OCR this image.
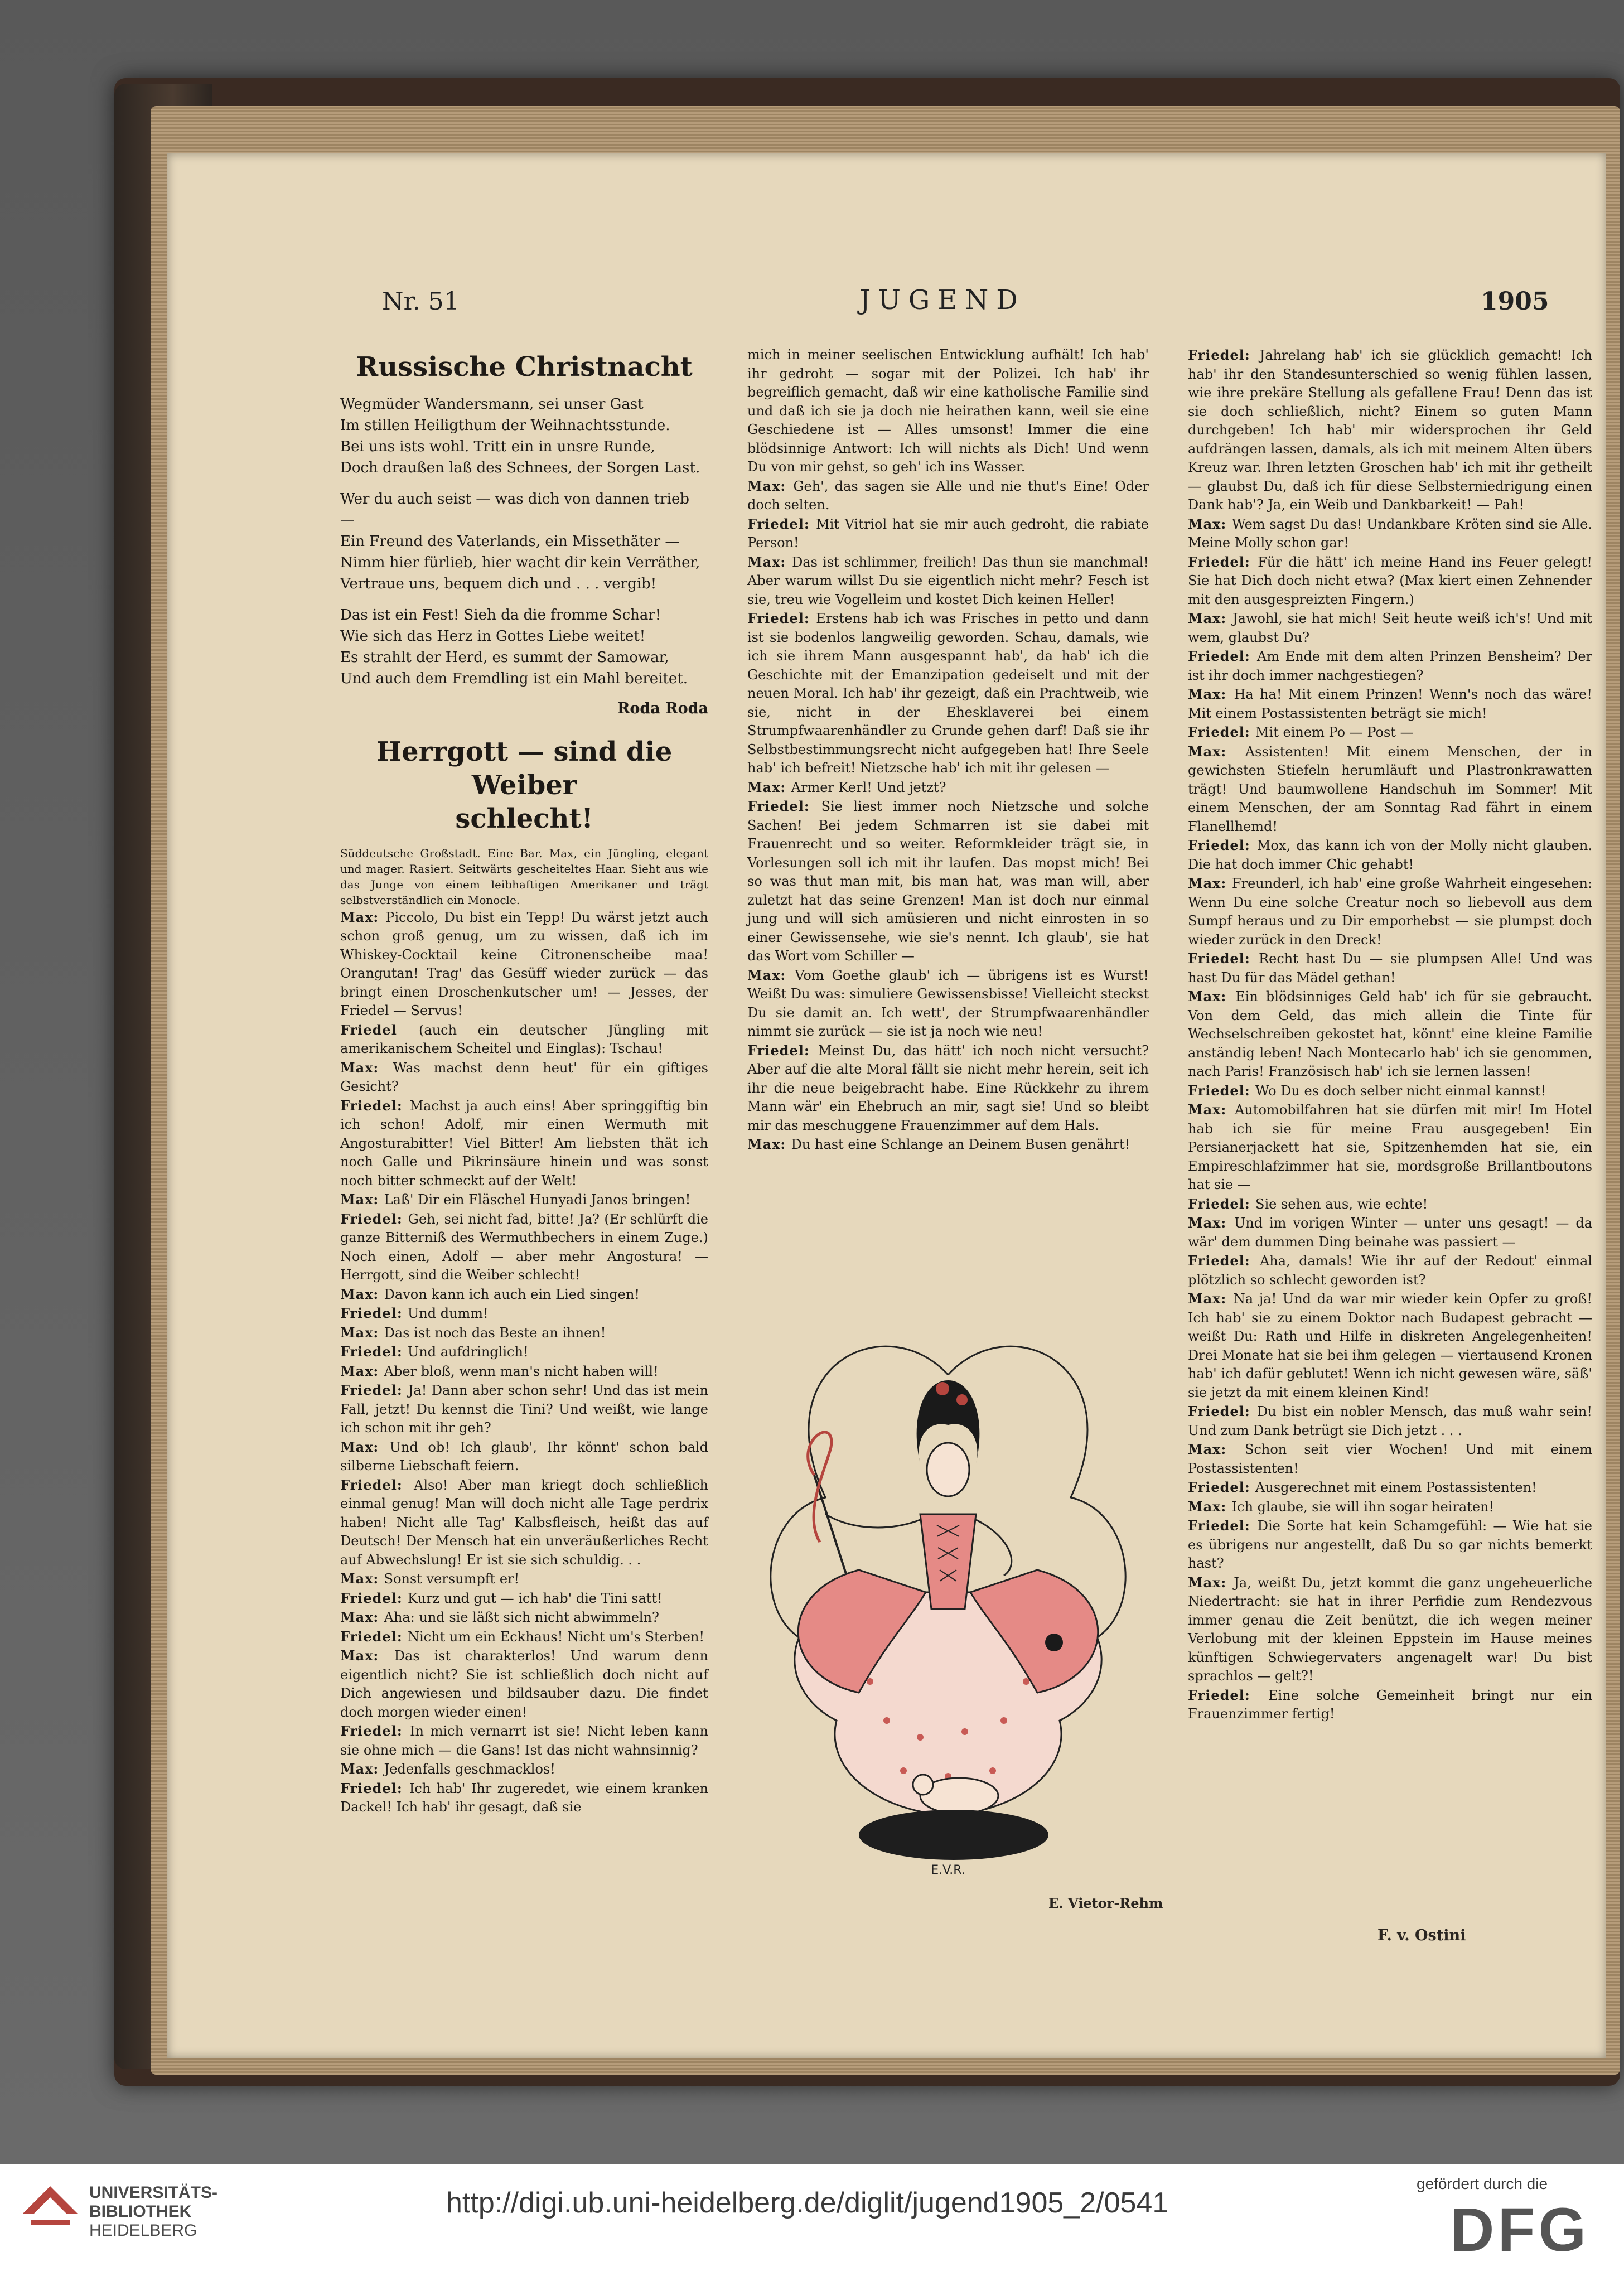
Nr. 51	JUGEND	1905
Russische Christnacht

Wegmüder Wandersmann, sei unser Gast

Im stillen Heiligthum der Weihnachtsstunde.

Bei uns ists wohl. Tritt ein in unsre Runde,

Doch draußen laß des Schnees, der Sorgen Last.

Wer du auch seist — was dich von dannen trieb —

Ein Freund des Vaterlands, ein Missethäter —

Nimm hier fürlieb, hier wacht dir kein Verräther,

Vertraue uns, bequem dich und . . . vergib!

Das ist ein Fest! Sieh da die fromme Schar!

Wie sich das Herz in Gottes Liebe weitet!

Es strahlt der Herd, es summt der Samowar,

Und auch dem Fremdling ist ein Mahl bereitet.

Roda Roda
Herrgott — sind die Weiber
schlecht!

Süddeutsche Großstadt. Eine Bar. Max, ein Jüngling, elegant und mager. Rasiert. Seitwärts gescheiteltes Haar. Sieht aus wie das Junge von einem leibhaftigen Amerikaner und trägt selbstverständlich ein Monocle.

Max: Piccolo, Du bist ein Tepp! Du wärst jetzt auch schon groß genug, um zu wissen, daß ich im Whiskey-Cocktail keine Citronenscheibe maa! Orangutan! Trag' das Gesüff wieder zurück — das bringt einen Droschenkutscher um! — Jesses, der Friedel — Servus!

Friedel (auch ein deutscher Jüngling mit amerikanischem Scheitel und Einglas): Tschau!

Max: Was machst denn heut' für ein giftiges Gesicht?

Friedel: Machst ja auch eins! Aber springgiftig bin ich schon! Adolf, mir einen Wermuth mit Angosturabitter! Viel Bitter! Am liebsten thät ich noch Galle und Pikrinsäure hinein und was sonst noch bitter schmeckt auf der Welt!

Max: Laß' Dir ein Fläschel Hunyadi Janos bringen!

Friedel: Geh, sei nicht fad, bitte! Ja? (Er schlürft die ganze Bitterniß des Wermuthbechers in einem Zuge.) Noch einen, Adolf — aber mehr Angostura! — Herrgott, sind die Weiber schlecht!

Max: Davon kann ich auch ein Lied singen!

Friedel: Und dumm!

Max: Das ist noch das Beste an ihnen!

Friedel: Und aufdringlich!

Max: Aber bloß, wenn man's nicht haben will!

Friedel: Ja! Dann aber schon sehr! Und das ist mein Fall, jetzt! Du kennst die Tini? Und weißt, wie lange ich schon mit ihr geh?

Max: Und ob! Ich glaub', Ihr könnt' schon bald silberne Liebschaft feiern.

Friedel: Also! Aber man kriegt doch schließlich einmal genug! Man will doch nicht alle Tage perdrix haben! Nicht alle Tag' Kalbsfleisch, heißt das auf Deutsch! Der Mensch hat ein unveräußerliches Recht auf Abwechslung! Er ist sie sich schuldig. . .

Max: Sonst versumpft er!

Friedel: Kurz und gut — ich hab' die Tini satt!

Max: Aha: und sie läßt sich nicht abwimmeln?

Friedel: Nicht um ein Eckhaus! Nicht um's Sterben!

Max: Das ist charakterlos! Und warum denn eigentlich nicht? Sie ist schließlich doch nicht auf Dich angewiesen und bildsauber dazu. Die findet doch morgen wieder einen!

Friedel: In mich vernarrt ist sie! Nicht leben kann sie ohne mich — die Gans! Ist das nicht wahnsinnig?

Max: Jedenfalls geschmacklos!

Friedel: Ich hab' Ihr zugeredet, wie einem kranken Dackel! Ich hab' ihr gesagt, daß sie

mich in meiner seelischen Entwicklung aufhält! Ich hab' ihr gedroht — sogar mit der Polizei. Ich hab' ihr begreiflich gemacht, daß wir eine katholische Familie sind und daß ich sie ja doch nie heirathen kann, weil sie eine Geschiedene ist — Alles umsonst! Immer die eine blödsinnige Antwort: Ich will nichts als Dich! Und wenn Du von mir gehst, so geh' ich ins Wasser.

Max: Geh', das sagen sie Alle und nie thut's Eine! Oder doch selten.

Friedel: Mit Vitriol hat sie mir auch gedroht, die rabiate Person!

Max: Das ist schlimmer, freilich! Das thun sie manchmal! Aber warum willst Du sie eigentlich nicht mehr? Fesch ist sie, treu wie Vogelleim und kostet Dich keinen Heller!

Friedel: Erstens hab ich was Frisches in petto und dann ist sie bodenlos langweilig geworden. Schau, damals, wie ich sie ihrem Mann ausgespannt hab', da hab' ich die Geschichte mit der Emanzipation gedeiselt und mit der neuen Moral. Ich hab' ihr gezeigt, daß ein Prachtweib, wie sie, nicht in der Ehesklaverei bei einem Strumpfwaarenhändler zu Grunde gehen darf! Daß sie ihr Selbstbestimmungsrecht nicht aufgegeben hat! Ihre Seele hab' ich befreit! Nietzsche hab' ich mit ihr gelesen —

Max: Armer Kerl! Und jetzt?

Friedel: Sie liest immer noch Nietzsche und solche Sachen! Bei jedem Schmarren ist sie dabei mit Frauenrecht und so weiter. Reformkleider trägt sie, in Vorlesungen soll ich mit ihr laufen. Das mopst mich! Bei so was thut man mit, bis man hat, was man will, aber zuletzt hat das seine Grenzen! Man ist doch nur einmal jung und will sich amüsieren und nicht einrosten in so einer Gewissensehe, wie sie's nennt. Ich glaub', sie hat das Wort vom Schiller —

Max: Vom Goethe glaub' ich — übrigens ist es Wurst! Weißt Du was: simuliere Gewissensbisse! Vielleicht steckst Du sie damit an. Ich wett', der Strumpfwaarenhändler nimmt sie zurück — sie ist ja noch wie neu!

Friedel: Meinst Du, das hätt' ich noch nicht versucht? Aber auf die alte Moral fällt sie nicht mehr herein, seit ich ihr die neue beigebracht habe. Eine Rückkehr zu ihrem Mann wär' ein Ehebruch an mir, sagt sie! Und so bleibt mir das meschuggene Frauenzimmer auf dem Hals.

Max: Du hast eine Schlange an Deinem Busen genährt!

Friedel: Jahrelang hab' ich sie glücklich gemacht! Ich hab' ihr den Standesunterschied so wenig fühlen lassen, wie ihre prekäre Stellung als gefallene Frau! Denn das ist sie doch schließlich, nicht? Einem so guten Mann durchgeben! Ich hab' mir widersprochen ihr Geld aufdrängen lassen, damals, als ich mit meinem Alten übers Kreuz war. Ihren letzten Groschen hab' ich mit ihr getheilt — glaubst Du, daß ich für diese Selbsterniedrigung einen Dank hab'? Ja, ein Weib und Dankbarkeit! — Pah!

Max: Wem sagst Du das! Undankbare Kröten sind sie Alle. Meine Molly schon gar!

Friedel: Für die hätt' ich meine Hand ins Feuer gelegt! Sie hat Dich doch nicht etwa? (Max kiert einen Zehnender mit den ausgespreizten Fingern.)

Max: Jawohl, sie hat mich! Seit heute weiß ich's! Und mit wem, glaubst Du?

Friedel: Am Ende mit dem alten Prinzen Bensheim? Der ist ihr doch immer nachgestiegen?

Max: Ha ha! Mit einem Prinzen! Wenn's noch das wäre! Mit einem Postassistenten beträgt sie mich!

Friedel: Mit einem Po — Post —

Max: Assistenten! Mit einem Menschen, der in gewichsten Stiefeln herumläuft und Plastronkrawatten trägt! Und baumwollene Handschuh im Sommer! Mit einem Menschen, der am Sonntag Rad fährt in einem Flanellhemd!

Friedel: Mox, das kann ich von der Molly nicht glauben. Die hat doch immer Chic gehabt!

Max: Freunderl, ich hab' eine große Wahrheit eingesehen: Wenn Du eine solche Creatur noch so liebevoll aus dem Sumpf heraus und zu Dir emporhebst — sie plumpst doch wieder zurück in den Dreck!

Friedel: Recht hast Du — sie plumpsen Alle! Und was hast Du für das Mädel gethan!

Max: Ein blödsinniges Geld hab' ich für sie gebraucht. Von dem Geld, das mich allein die Tinte für Wechselschreiben gekostet hat, könnt' eine kleine Familie anständig leben! Nach Montecarlo hab' ich sie genommen, nach Paris! Französisch hab' ich sie lernen lassen!

Friedel: Wo Du es doch selber nicht einmal kannst!

Max: Automobilfahren hat sie dürfen mit mir! Im Hotel hab ich sie für meine Frau ausgegeben! Ein Persianerjackett hat sie, Spitzenhemden hat sie, ein Empireschlafzimmer hat sie, mordsgroße Brillantboutons hat sie —

Friedel: Sie sehen aus, wie echte!

Max: Und im vorigen Winter — unter uns gesagt! — da wär' dem dummen Ding beinahe was passiert —

Friedel: Aha, damals! Wie ihr auf der Redout' einmal plötzlich so schlecht geworden ist?

Max: Na ja! Und da war mir wieder kein Opfer zu groß! Ich hab' sie zu einem Doktor nach Budapest gebracht — weißt Du: Rath und Hilfe in diskreten Angelegenheiten! Drei Monate hat sie bei ihm gelegen — viertausend Kronen hab' ich dafür geblutet! Wenn ich nicht gewesen wäre, säß' sie jetzt da mit einem kleinen Kind!

Friedel: Du bist ein nobler Mensch, das muß wahr sein! Und zum Dank betrügt sie Dich jetzt . . .

Max: Schon seit vier Wochen! Und mit einem Postassistenten!

Friedel: Ausgerechnet mit einem Postassistenten!

Max: Ich glaube, sie will ihn sogar heiraten!

Friedel: Die Sorte hat kein Schamgefühl: — Wie hat sie es übrigens nur angestellt, daß Du so gar nichts bemerkt hast?

Max: Ja, weißt Du, jetzt kommt die ganz ungeheuerliche Niedertracht: sie hat in ihrer Perfidie zum Rendezvous immer genau die Zeit benützt, die ich wegen meiner Verlobung mit der kleinen Eppstein im Hause meines künftigen Schwiegervaters angenagelt war! Du bist sprachlos — gelt?!

Friedel: Eine solche Gemeinheit bringt nur ein Frauenzimmer fertig!

E.V.R.
E. Vietor-Rehm
F. v. Ostini
UNIVERSITÄTS-
BIBLIOTHEK
HEIDELBERG
http://digi.ub.uni-heidelberg.de/diglit/jugend1905_2/0541
gefördert durch die
DFG
